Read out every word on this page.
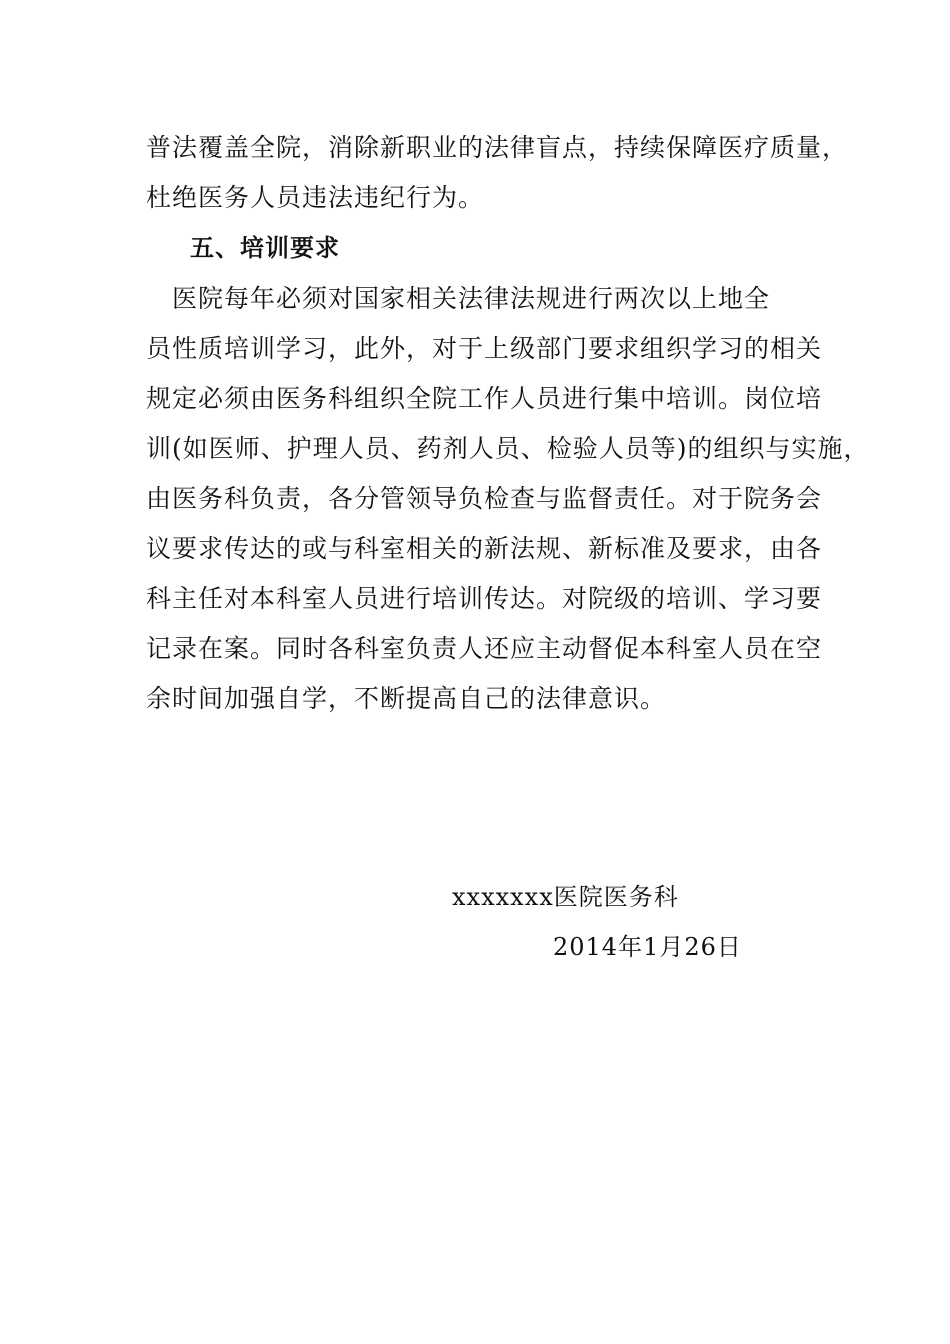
普法覆盖全院，消除新职业的法律盲点，持续保障医疗质量，
杜绝医务人员违法违纪行为。
五、培训要求
　医院每年必须对国家相关法律法规进行两次以上地全
员性质培训学习，此外，对于上级部门要求组织学习的相关
规定必须由医务科组织全院工作人员进行集中培训。岗位培
训(如医师、护理人员、药剂人员、检验人员等)的组织与实施，
由医务科负责，各分管领导负检查与监督责任。对于院务会
议要求传达的或与科室相关的新法规、新标准及要求，由各
科主任对本科室人员进行培训传达。对院级的培训、学习要
记录在案。同时各科室负责人还应主动督促本科室人员在空
余时间加强自学，不断提高自己的法律意识。
xxxxxxx医院医务科
2014年1月26日
